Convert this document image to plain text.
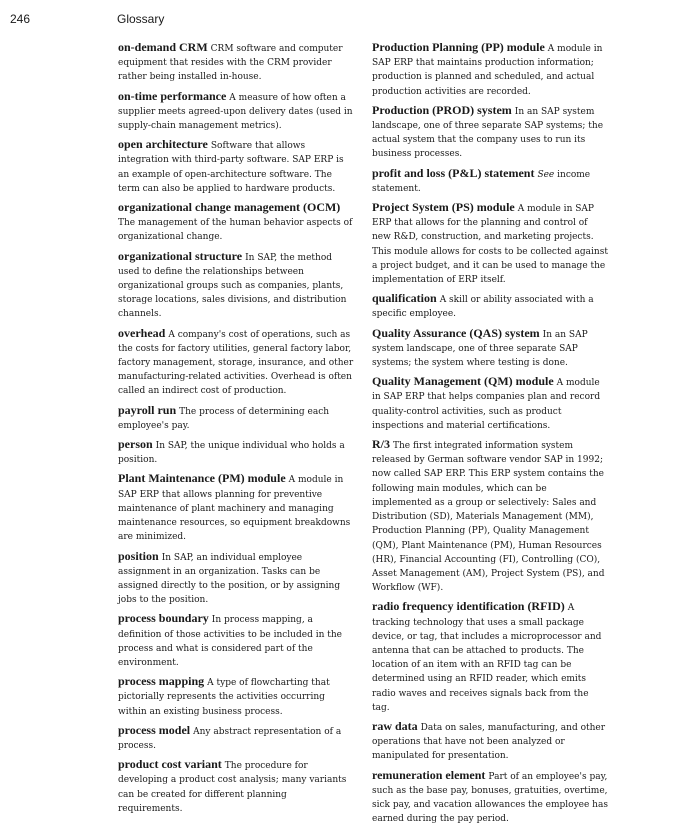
246	Glossary

on-demand CRM CRM software and computer equipment that resides with the CRM provider rather being installed in-house.

on-time performance A measure of how often a supplier meets agreed-upon delivery dates (used in supply-chain management metrics).

open architecture Software that allows integration with third-party software. SAP ERP is an example of open-architecture software. The term can also be applied to hardware products.

organizational change management (OCM)The management of the human behavior aspects of organizational change.

organizational structure In SAP, the method used to define the relationships between organizational groups such as companies, plants, storage locations, sales divisions, and distribution channels.

overhead A company's cost of operations, such as the costs for factory utilities, general factory labor, factory management, storage, insurance, and other manufacturing-related activities. Overhead is often called an indirect cost of production.

payroll run The process of determining each employee's pay.

person In SAP, the unique individual who holds a position.

Plant Maintenance (PM) module A module in SAP ERP that allows planning for preventive maintenance of plant machinery and managing maintenance resources, so equipment breakdowns are minimized.

position In SAP, an individual employee assignment in an organization. Tasks can be assigned directly to the position, or by assigning jobs to the position.

process boundary In process mapping, a definition of those activities to be included in the process and what is considered part of the environment.

process mapping A type of flowcharting that pictorially represents the activities occurring within an existing business process.

process model Any abstract representation of a process.

product cost variant The procedure for developing a product cost analysis; many variants can be created for different planning requirements.

Production Planning (PP) module A module in SAP ERP that maintains production information; production is planned and scheduled, and actual production activities are recorded.

Production (PROD) system In an SAP system landscape, one of three separate SAP systems; the actual system that the company uses to run its business processes.

profit and loss (P&L) statement See income statement.

Project System (PS) module A module in SAP ERP that allows for the planning and control of new R&D, construction, and marketing projects. This module allows for costs to be collected against a project budget, and it can be used to manage the implementation of ERP itself.

qualification A skill or ability associated with a specific employee.

Quality Assurance (QAS) system In an SAP system landscape, one of three separate SAP systems; the system where testing is done.

Quality Management (QM) module A module in SAP ERP that helps companies plan and record quality-control activities, such as product inspections and material certifications.

R/3 The first integrated information system released by German software vendor SAP in 1992; now called SAP ERP. This ERP system contains the following main modules, which can be implemented as a group or selectively: Sales and Distribution (SD), Materials Management (MM), Production Planning (PP), Quality Management (QM), Plant Maintenance (PM), Human Resources (HR), Financial Accounting (FI), Controlling (CO), Asset Management (AM), Project System (PS), and Workflow (WF).

radio frequency identification (RFID) A tracking technology that uses a small package device, or tag, that includes a microprocessor and antenna that can be attached to products. The location of an item with an RFID tag can be determined using an RFID reader, which emits radio waves and receives signals back from the tag.

raw data Data on sales, manufacturing, and other operations that have not been analyzed or manipulated for presentation.

remuneration element Part of an employee's pay, such as the base pay, bonuses, gratuities, overtime, sick pay, and vacation allowances the employee has earned during the pay period.
